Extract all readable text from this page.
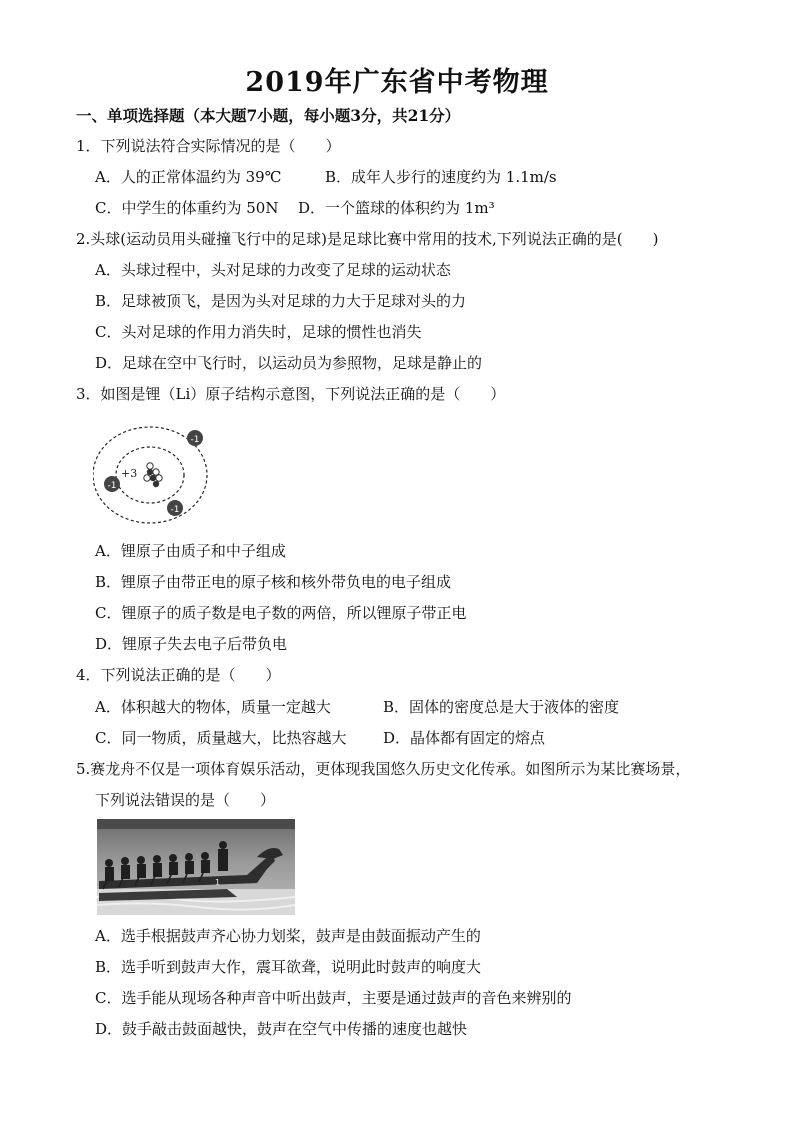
2019年广东省中考物理
一、单项选择题（本大题7小题，每小题3分，共21分）
1．下列说法符合实际情况的是（　　）
A．人的正常体温约为 39℃	B．成年人步行的速度约为 1.1m/s
C．中学生的体重约为 50N D．一个篮球的体积约为 1m³
2.头球(运动员用头碰撞飞行中的足球)是足球比赛中常用的技术,下列说法正确的是(　　)
A．头球过程中，头对足球的力改变了足球的运动状态
B．足球被顶飞，是因为头对足球的力大于足球对头的力
C．头对足球的作用力消失时，足球的惯性也消失
D．足球在空中飞行时，以运动员为参照物，足球是静止的
3．如图是锂（Li）原子结构示意图，下列说法正确的是（　　）
+3
-1
-1
-1
A．锂原子由质子和中子组成
B．锂原子由带正电的原子核和核外带负电的电子组成
C．锂原子的质子数是电子数的两倍，所以锂原子带正电
D．锂原子失去电子后带负电
4．下列说法正确的是（　　）
A．体积越大的物体，质量一定越大	B．固体的密度总是大于液体的密度
C．同一物质，质量越大，比热容越大 D．晶体都有固定的熔点
5.赛龙舟不仅是一项体育娱乐活动，更体现我国悠久历史文化传承。如图所示为某比赛场景，
下列说法错误的是（　　）
1
A．选手根据鼓声齐心协力划桨，鼓声是由鼓面振动产生的
B．选手听到鼓声大作，震耳欲聋，说明此时鼓声的响度大
C．选手能从现场各种声音中听出鼓声，主要是通过鼓声的音色来辨别的
D．鼓手敲击鼓面越快，鼓声在空气中传播的速度也越快
